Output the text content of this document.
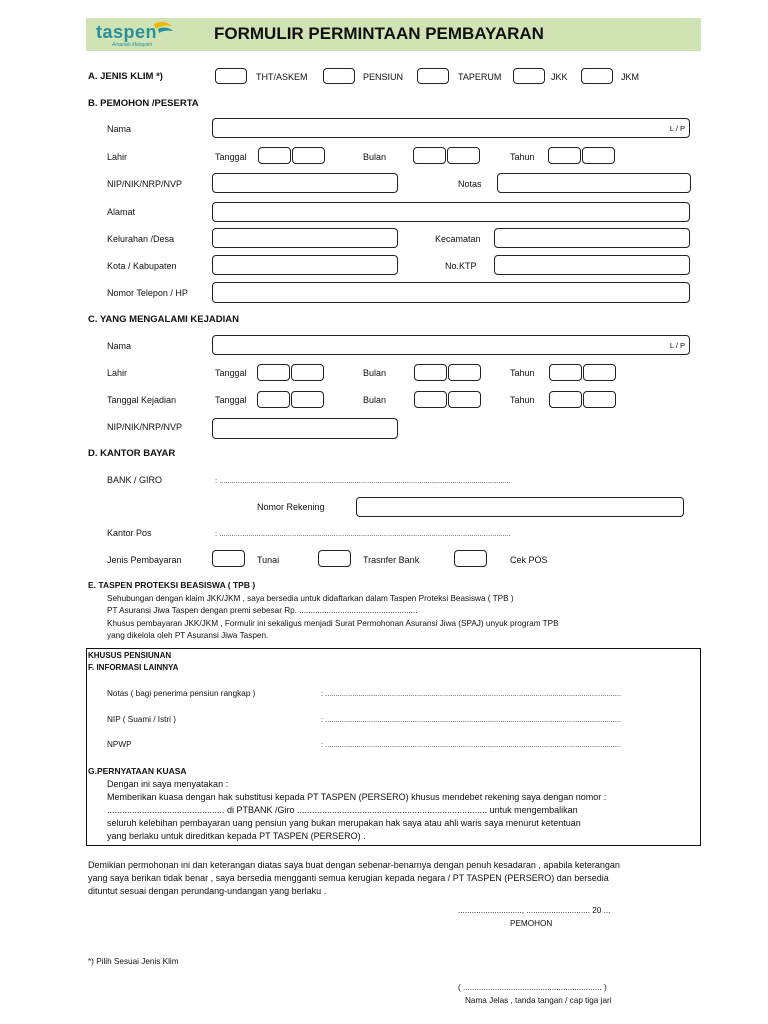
taspen
Amanah Melayani
FORMULIR PERMINTAAN PEMBAYARAN
A. JENIS KLIM *)	THT/ASKEM	PENSIUN	TAPERUM	JKK	JKM
B. PEMOHON /PESERTA
Nama	L / P
Lahir	Tanggal	Bulan	Tahun
NIP/NIK/NRP/NVP	Notas
Alamat
Kelurahan /Desa	Kecamatan
Kota / Kabupaten	No.KTP
Nomor Telepon / HP
C. YANG MENGALAMI KEJADIAN
Nama	L / P
Lahir	Tanggal	Bulan	Tahun
Tanggal Kejadian	Tanggal	Bulan	Tahun
NIP/NIK/NRP/NVP
D. KANTOR BAYAR
BANK / GIRO	: ............................................................................................................................................
Nomor Rekening
Kantor Pos	: ............................................................................................................................................
Jenis Pembayaran	Tunai	Trasnfer Bank	Cek POS
E. TASPEN PROTEKSI BEASISWA ( TPB )
Sehubungan dengan klaim JKK/JKM , saya bersedia untuk didaftarkan dalam Taspen Proteksi Beasiswa ( TPB )
PT Asuransi Jiwa Taspen dengan premi sebesar Rp. ....................................................
Khusus pembayaran JKK/JKM , Formulir ini sekaligus menjadi Surat Permohonan Asuransi Jiwa (SPAJ) unyuk program TPB
yang dikelola oleh PT Asuransi Jiwa Taspen.
KHUSUS PENSIUNAN
F. INFORMASI LAINNYA
Notas ( bagi penerima pensiun rangkap )	: ..............................................................................................................................................
NIP ( Suami / Istri )	: ..............................................................................................................................................
NPWP	: ..............................................................................................................................................
G.PERNYATAAN KUASA
Dengan ini saya menyatakan :
Memberikan kuasa dengan hak substitusi kepada PT TASPEN (PERSERO) khusus mendebet rekening saya dengan nomor :
............................................... di PTBANK /Giro ............................................................................ untuk mengembalikan
seluruh kelebihan pembayaran uang pensiun yang bukan merupakan hak saya atau ahli waris saya menurut ketentuan
yang berlaku untuk direditkan kepada PT TASPEN (PERSERO) .
Demikian permohonan ini dan keterangan diatas saya buat dengan sebenar-benarnya dengan penuh kesadaran , apabila keterangan
yang saya berikan tidak benar , saya bersedia mengganti semua kerugian kepada negara / PT TASPEN (PERSERO) dan bersedia
dituntut sesuai dengan perundang-undangan yang berlaku .
............................, ............................ 20 ...
PEMOHON
*) Pilih Sesuai Jenis Klim
( ............................................................. )
Nama Jelas , tanda tangan / cap tiga jari
